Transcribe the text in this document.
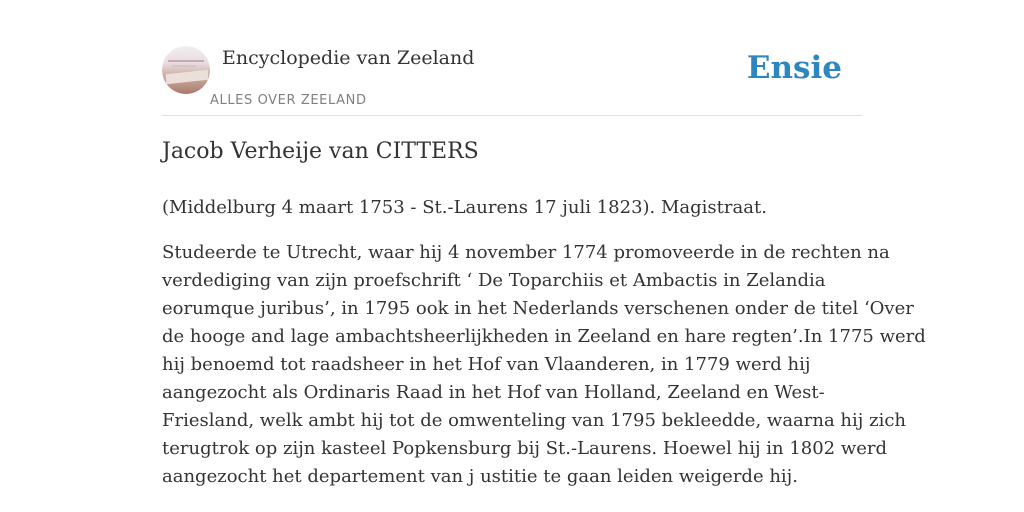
Encyclopedie van Zeeland
ALLES OVER ZEELAND
Ensie
Jacob Verheije van CITTERS

(Middelburg 4 maart 1753 - St.-Laurens 17 juli 1823). Magistraat.

Studeerde te Utrecht, waar hij 4 november 1774 promoveerde in de rechten na
verdediging van zijn proefschrift ‘ De Toparchiis et Ambactis in Zelandia
eorumque juribus’, in 1795 ook in het Nederlands verschenen onder de titel ‘Over
de hooge and lage ambachtsheerlijkheden in Zeeland en hare regten’.In 1775 werd
hij benoemd tot raadsheer in het Hof van Vlaanderen, in 1779 werd hij
aangezocht als Ordinaris Raad in het Hof van Holland, Zeeland en West-
Friesland, welk ambt hij tot de omwenteling van 1795 bekleedde, waarna hij zich
terugtrok op zijn kasteel Popkensburg bij St.-Laurens. Hoewel hij in 1802 werd
aangezocht het departement van j ustitie te gaan leiden weigerde hij.
